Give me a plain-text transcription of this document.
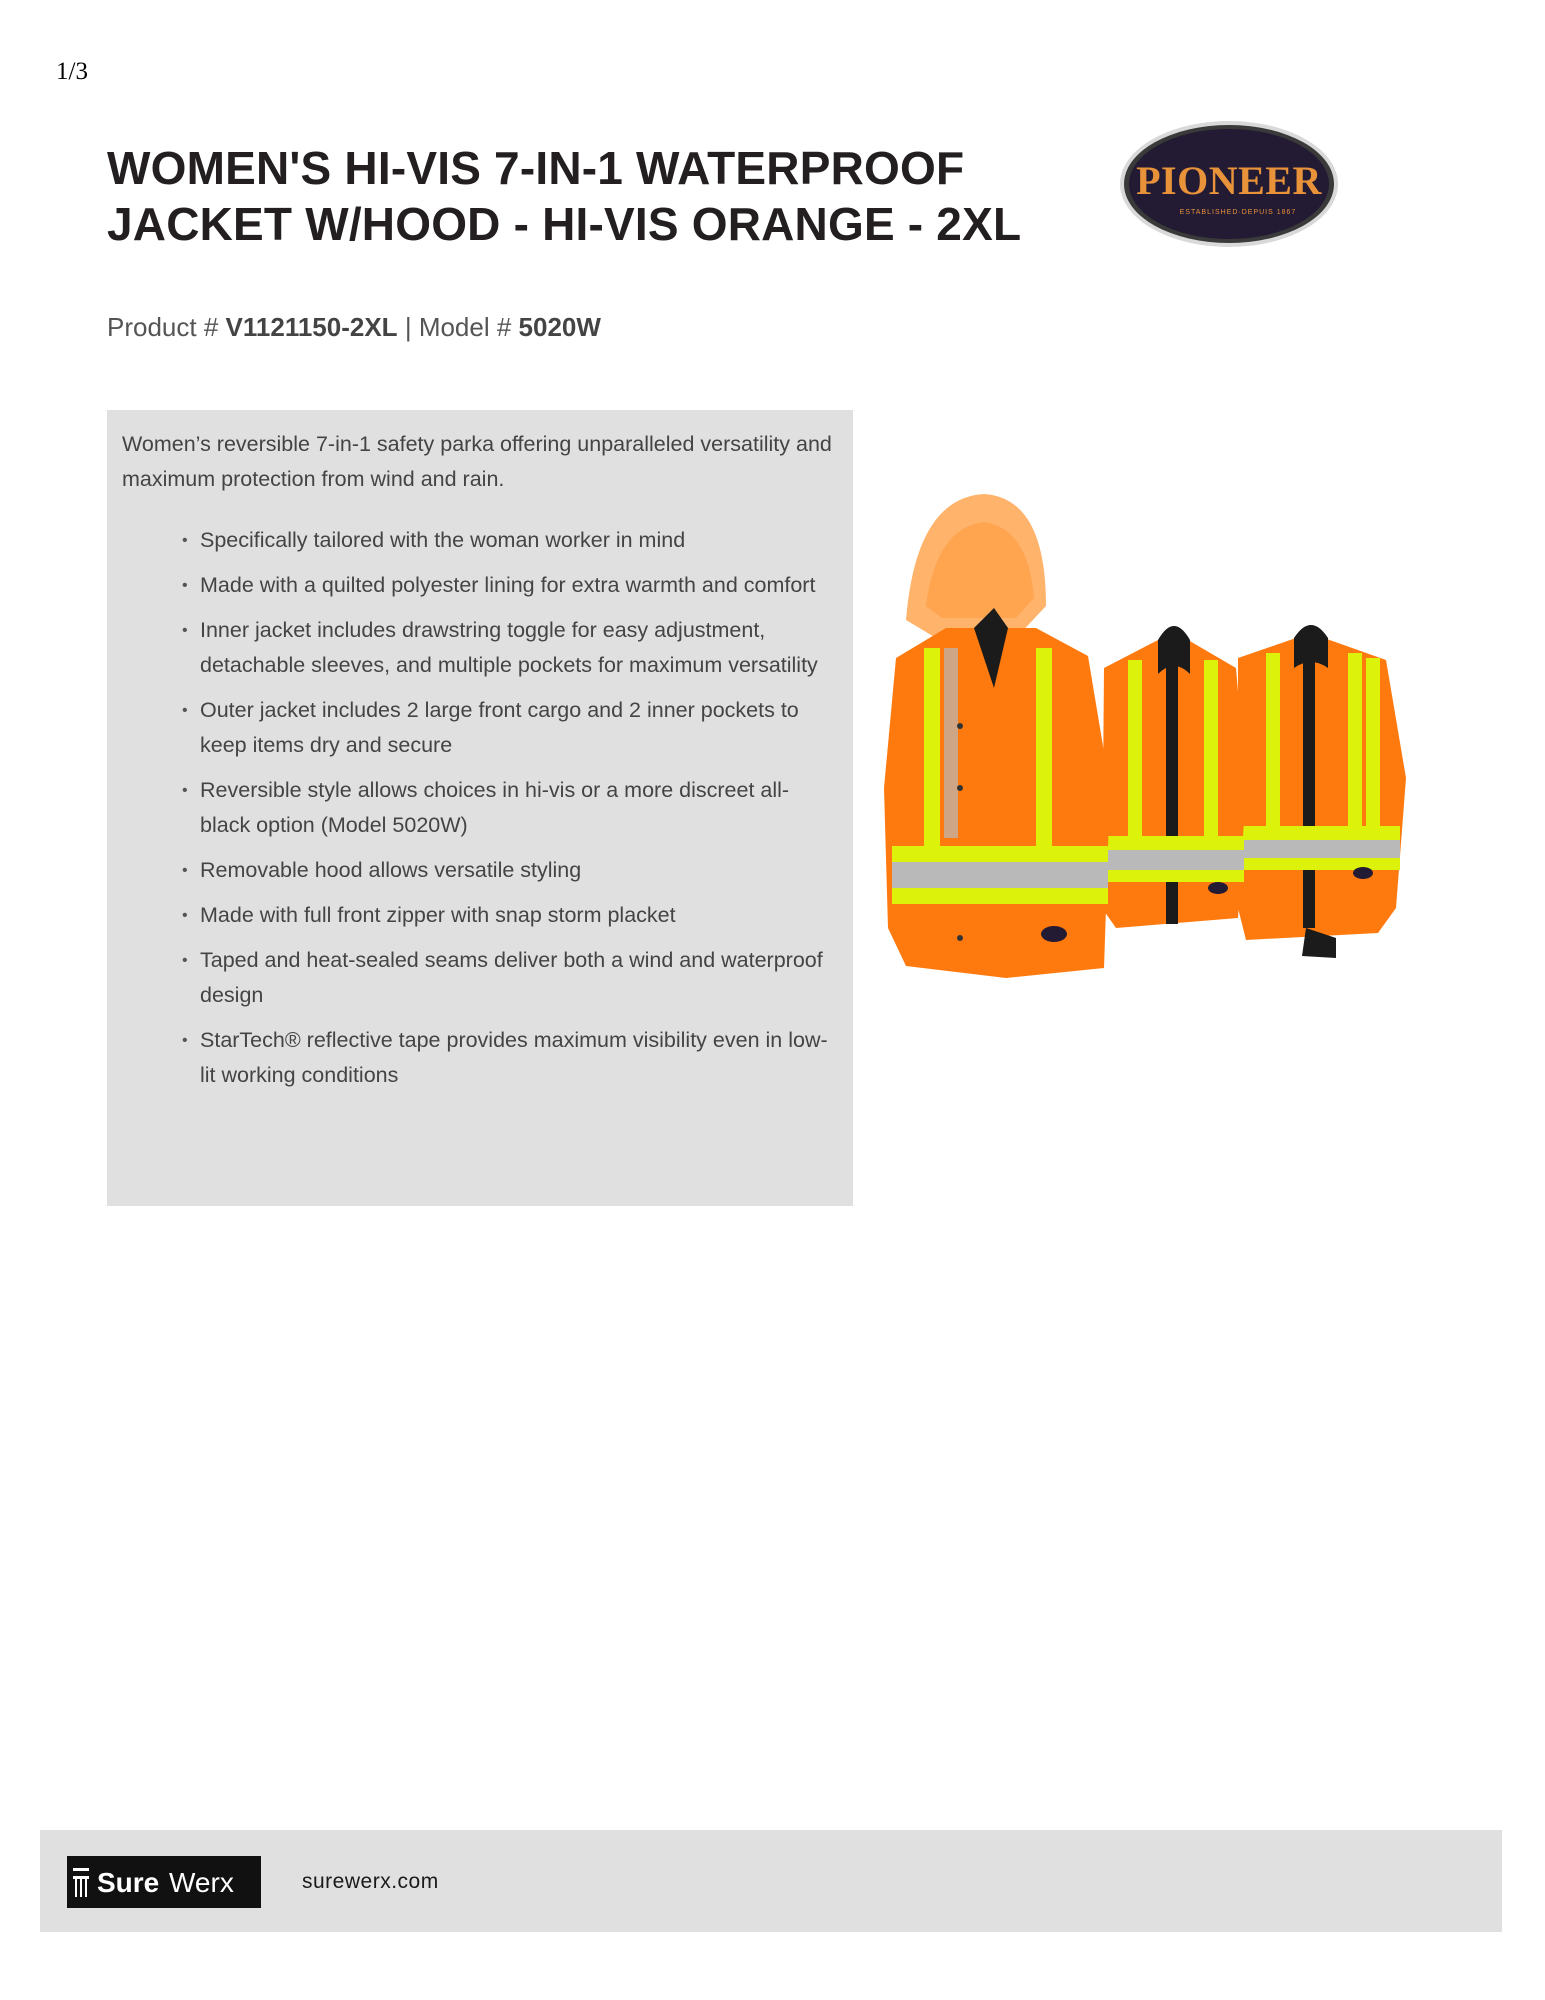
1/3
WOMEN'S HI-VIS 7-IN-1 WATERPROOF JACKET W/HOOD - HI-VIS ORANGE - 2XL
Product # V1121150-2XL | Model # 5020W
PIONEER
ESTABLISHED·DEPUIS 1867

Women’s reversible 7-in-1 safety parka offering unparalleled versatility and maximum protection from wind and rain.

• Specifically tailored with the woman worker in mind
• Made with a quilted polyester lining for extra warmth and comfort
• Inner jacket includes drawstring toggle for easy adjustment, detachable sleeves, and multiple pockets for maximum versatility
• Outer jacket includes 2 large front cargo and 2 inner pockets to keep items dry and secure
• Reversible style allows choices in hi-vis or a more discreet all-black option (Model 5020W)
• Removable hood allows versatile styling
• Made with full front zipper with snap storm placket
• Taped and heat-sealed seams deliver both a wind and waterproof design
• StarTech® reflective tape provides maximum visibility even in low-lit working conditions
Sure Werx	surewerx.com
